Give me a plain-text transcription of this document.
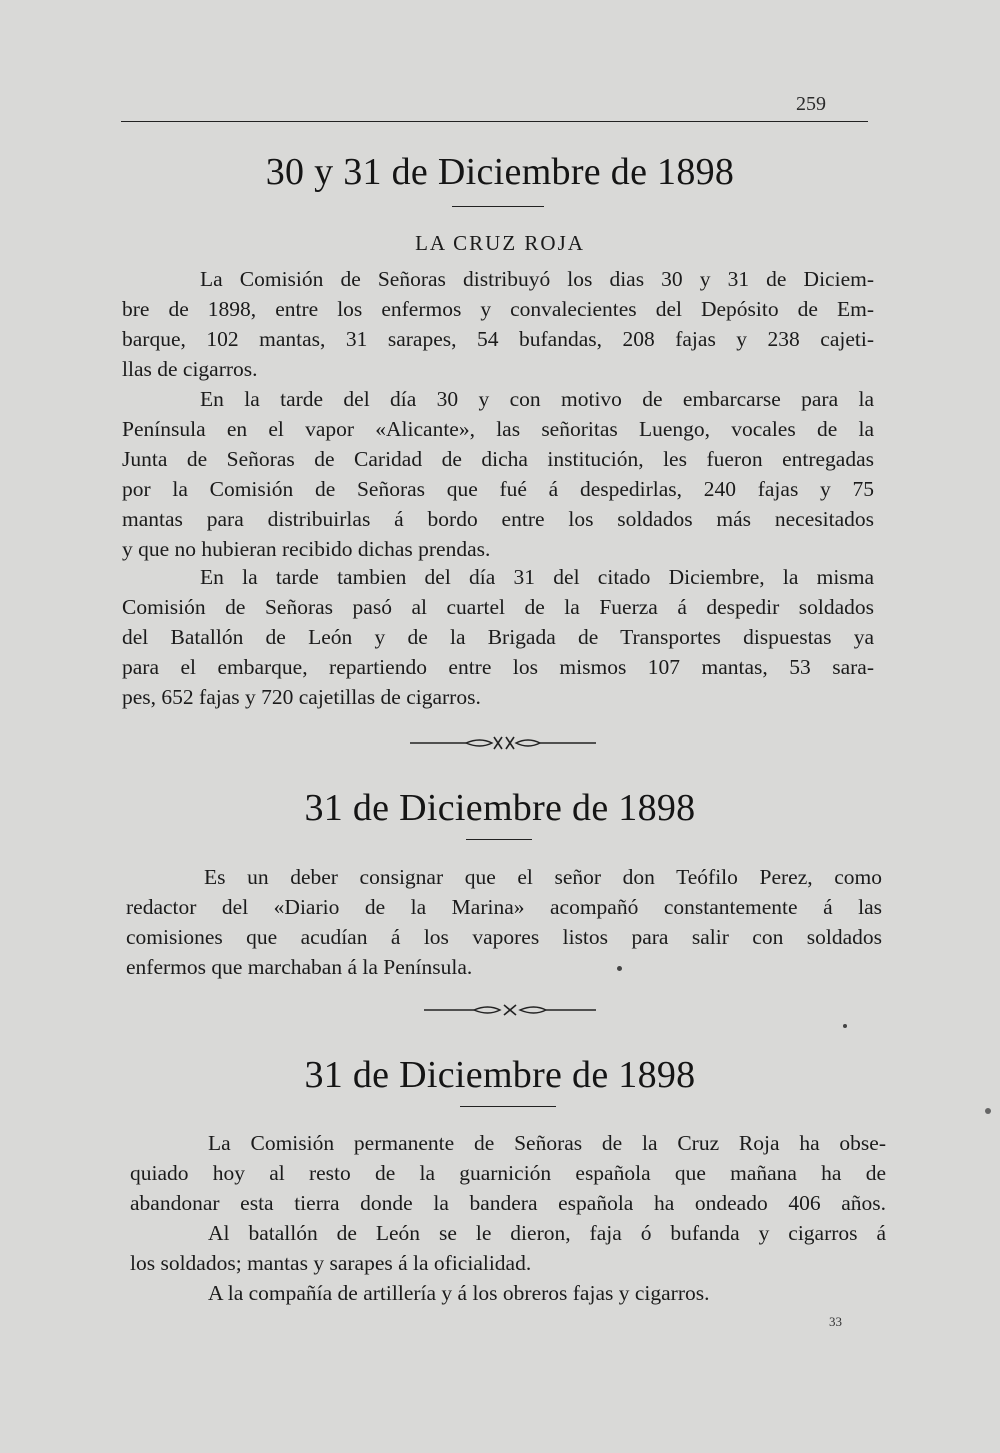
259
30 y 31 de Diciembre de 1898
LA CRUZ ROJA
La Comisión de Señoras distribuyó los dias 30 y 31 de Diciem-
bre de 1898, entre los enfermos y convalecientes del Depósito de Em-
barque, 102 mantas, 31 sarapes, 54 bufandas, 208 fajas y 238 cajeti-
llas de cigarros.
En la tarde del día 30 y con motivo de embarcarse para la
Península en el vapor «Alicante», las señoritas Luengo, vocales de la
Junta de Señoras de Caridad de dicha institución, les fueron entregadas
por la Comisión de Señoras que fué á despedirlas, 240 fajas y 75
mantas para distribuirlas á bordo entre los soldados más necesitados
y que no hubieran recibido dichas prendas.
En la tarde tambien del día 31 del citado Diciembre, la misma
Comisión de Señoras pasó al cuartel de la Fuerza á despedir soldados
del Batallón de León y de la Brigada de Transportes dispuestas ya
para el embarque, repartiendo entre los mismos 107 mantas, 53 sara-
pes, 652 fajas y 720 cajetillas de cigarros.
31 de Diciembre de 1898
Es un deber consignar que el señor don Teófilo Perez, como
redactor del «Diario de la Marina» acompañó constantemente á las
comisiones que acudían á los vapores listos para salir con soldados
enfermos que marchaban á la Península.
31 de Diciembre de 1898
La Comisión permanente de Señoras de la Cruz Roja ha obse-
quiado hoy al resto de la guarnición española que mañana ha de
abandonar esta tierra donde la bandera española ha ondeado 406 años.
Al batallón de León se le dieron, faja ó bufanda y cigarros á
los soldados; mantas y sarapes á la oficialidad.
A la compañía de artillería y á los obreros fajas y cigarros.
33
